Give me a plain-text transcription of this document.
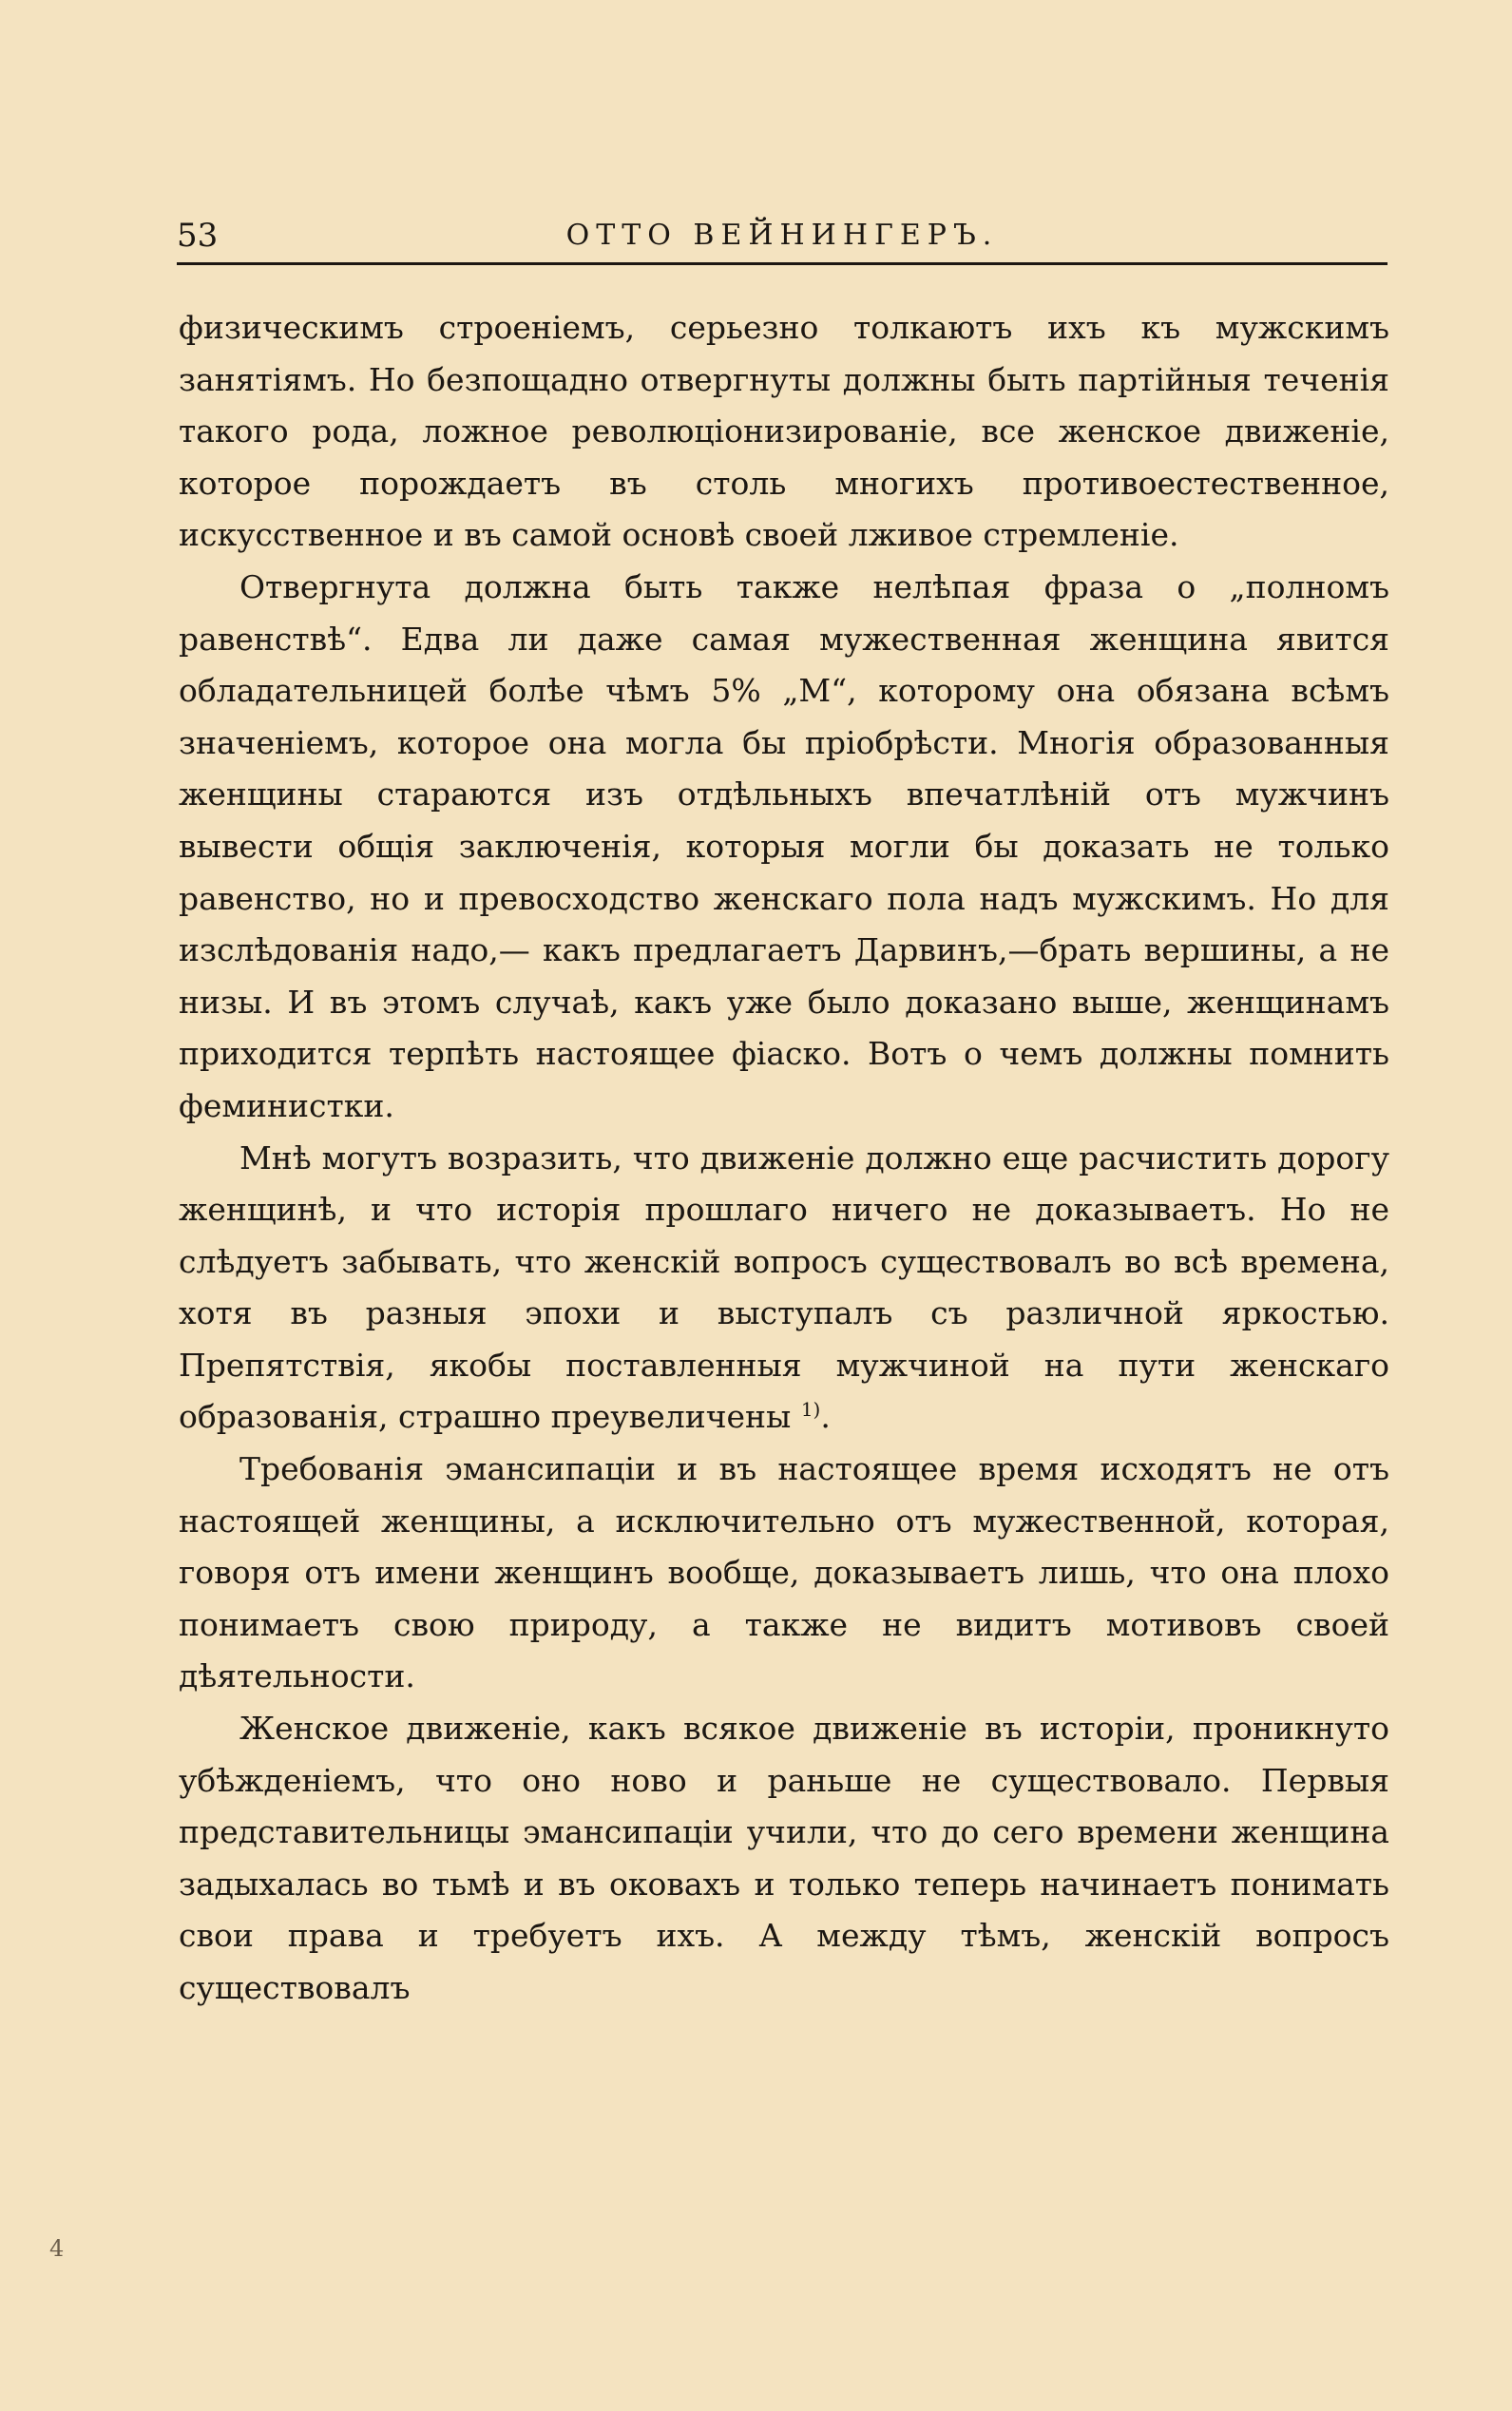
53	ОТТО ВЕЙНИНГЕРЪ.

физическимъ строеніемъ, серьезно толкаютъ ихъ къ мужскимъ занятіямъ. Но безпощадно отвергнуты должны быть партійныя теченія такого рода, ложное революціонизированіе, все женское движеніе, которое порождаетъ въ столь многихъ противоестественное, искусственное и въ самой основѣ своей лживое стремленіе.

Отвергнута должна быть также нелѣпая фраза о „полномъ равенствѣ“. Едва ли даже самая мужественная женщина явится обладательницей болѣе чѣмъ 5% „М“, которому она обязана всѣмъ значеніемъ, которое она могла бы пріобрѣсти. Многія образованныя женщины стараются изъ отдѣльныхъ впечатлѣній отъ мужчинъ вывести общія заключенія, которыя могли бы доказать не только равенство, но и превосходство женскаго пола надъ мужскимъ. Но для изслѣдованія надо,— какъ предлагаетъ Дарвинъ,—брать вершины, а не низы. И въ этомъ случаѣ, какъ уже было доказано выше, женщинамъ приходится терпѣть настоящее фіаско. Вотъ о чемъ должны помнить феминистки.

Мнѣ могутъ возразить, что движеніе должно еще расчистить дорогу женщинѣ, и что исторія прошлаго ничего не доказываетъ. Но не слѣдуетъ забывать, что женскій вопросъ существовалъ во всѣ времена, хотя въ разныя эпохи и выступалъ съ различной яркостью. Препятствія, якобы поставленныя мужчиной на пути женскаго образованія, страшно преувеличены $^{1)}$.

Требованія эмансипаціи и въ настоящее время исходятъ не отъ настоящей женщины, а исключительно отъ мужественной, которая, говоря отъ имени женщинъ вообще, доказываетъ лишь, что она плохо понимаетъ свою природу, а также не видитъ мотивовъ своей дѣятельности.

Женское движеніе, какъ всякое движеніе въ исторіи, проникнуто убѣжденіемъ, что оно ново и раньше не существовало. Первыя представительницы эмансипаціи учили, что до сего времени женщина задыхалась во тьмѣ и въ оковахъ и только теперь начинаетъ понимать свои права и требуетъ ихъ. А между тѣмъ, женскій вопросъ существовалъ

4
